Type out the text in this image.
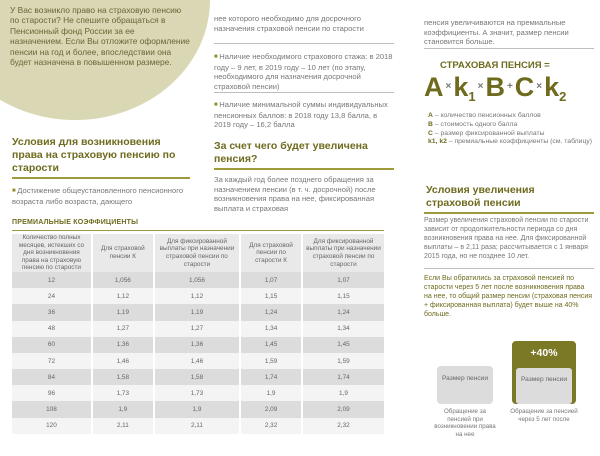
У Вас возникло право на страховую пенсию по старости? Не спешите обращаться в Пенсионный фонд России за ее назначением. Если Вы отложите оформление пенсии на год и более, впоследствии она будет назначена в повышенном размере.
Условия для возникновения права на страховую пенсию по старости
■ Достижение общеустановленного пенсионного возраста либо возраста, дающего
ПРЕМИАЛЬНЫЕ КОЭФФИЦИЕНТЫ
Количество полных месяцев, истекших со дня возникновения права на страховую пенсию по старости	Для страховой пенсии К	Для фиксированной выплаты при назначении страховой пенсии по старости	Для страховой пенсии по старости К	Для фиксированной выплаты при назначении страховой пенсии по старости
12	1,056	1,056	1,07	1,07
24	1,12	1,12	1,15	1,15
36	1,19	1,19	1,24	1,24
48	1,27	1,27	1,34	1,34
60	1,36	1,36	1,45	1,45
72	1,46	1,46	1,59	1,59
84	1,58	1,58	1,74	1,74
96	1,73	1,73	1,9	1,9
108	1,9	1,9	2,09	2,09
120	2,11	2,11	2,32	2,32
нее которого необходимо для досрочного назначения страховой пенсии по старости
■ Наличие необходимого страхового стажа: в 2018 году – 9 лет, в 2019 году – 10 лет (по этапу, необходимого для назначения досрочной страховой пенсии)
■ Наличие минимальной суммы индивидуальных пенсионных баллов: в 2018 году 13,8 балла, в 2019 году – 16,2 балла
За счет чего будет увеличена пенсия?
За каждый год более позднего обращения за назначением пенсии (в т. ч. досрочной) после возникновения права на нее, фиксированная выплата и страховая
пенсия увеличиваются на премиальные коэффициенты. А значит, размер пенсии становится больше.
СТРАХОВАЯ ПЕНСИЯ =
A $^\times k_1^\times B$ +C $^\times k_2$
A – количество пенсионных баллов
B – стоимость одного балла
C – размер фиксированной выплаты
k1, k2 – премиальные коэффициенты (см. таблицу)
Условия увеличения страховой пенсии
Размер увеличения страховой пенсии по старости зависит от продолжительности периода со дня возникновения права на нее. Для фиксированной выплаты – в 2,11 раза; рассчитывается с 1 января 2015 года, но не позднее 10 лет.
Если Вы обратились за страховой пенсией по старости через 5 лет после возникновения права на нее, то общий размер пенсии (страховая пенсия + фиксированная выплата) будет выше на 40% больше.
Размер пенсии
+40%
Размер пенсии
Обращение за пенсией при возникновении права на нее
Обращение за пенсией через 5 лет после
